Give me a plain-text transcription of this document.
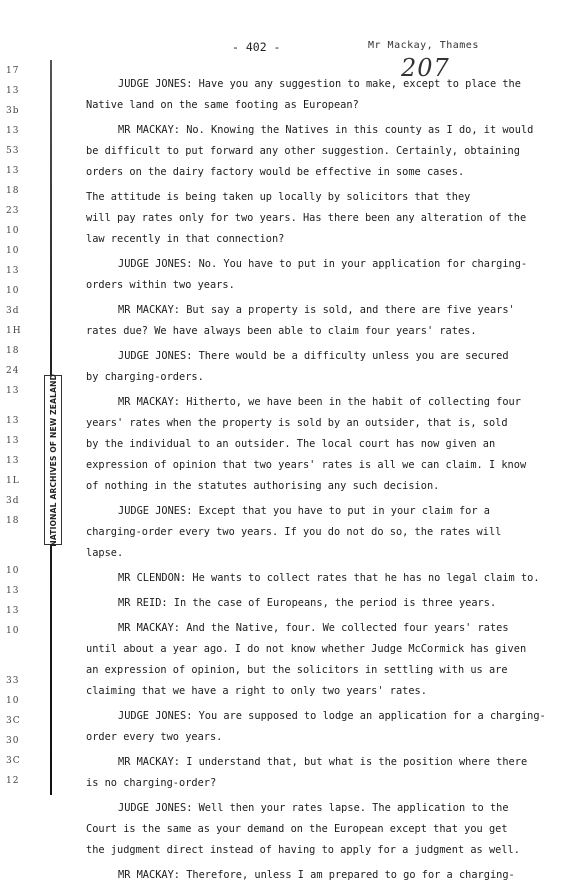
17
13
3b
13
53
13
18
23
10
10
13
10
3d
1H
18
24
13
13
13
13
1L
3d
18
10
13
13
10
33
10
3C
30
3C
12
NATIONAL ARCHIVES OF NEW ZEALAND
- 402 -	Mr Mackay, Thames
207
JUDGE JONES: Have you any suggestion to make, except to place the
Native land on the same footing as European?
MR MACKAY: No. Knowing the Natives in this county as I do, it would
be difficult to put forward any other suggestion. Certainly, obtaining
orders on the dairy factory would be effective in some cases.
The attitude is being taken up locally by solicitors that they
will pay rates only for two years. Has there been any alteration of the
law recently in that connection?
JUDGE JONES: No. You have to put in your application for charging-
orders within two years.
MR MACKAY: But say a property is sold, and there are five years'
rates due? We have always been able to claim four years' rates.
JUDGE JONES: There would be a difficulty unless you are secured
by charging-orders.
MR MACKAY: Hitherto, we have been in the habit of collecting four
years' rates when the property is sold by an outsider, that is, sold
by the individual to an outsider. The local court has now given an
expression of opinion that two years' rates is all we can claim. I know
of nothing in the statutes authorising any such decision.
JUDGE JONES: Except that you have to put in your claim for a
charging-order every two years. If you do not do so, the rates will
lapse.
MR CLENDON: He wants to collect rates that he has no legal claim to.
MR REID: In the case of Europeans, the period is three years.
MR MACKAY: And the Native, four. We collected four years' rates
until about a year ago. I do not know whether Judge McCormick has given
an expression of opinion, but the solicitors in settling with us are
claiming that we have a right to only two years' rates.
JUDGE JONES: You are supposed to lodge an application for a charging-
order every two years.
MR MACKAY: I understand that, but what is the position where there
is no charging-order?
JUDGE JONES: Well then your rates lapse. The application to the
Court is the same as your demand on the European except that you get
the judgment direct instead of having to apply for a judgment as well.
MR MACKAY: Therefore, unless I am prepared to go for a charging-
